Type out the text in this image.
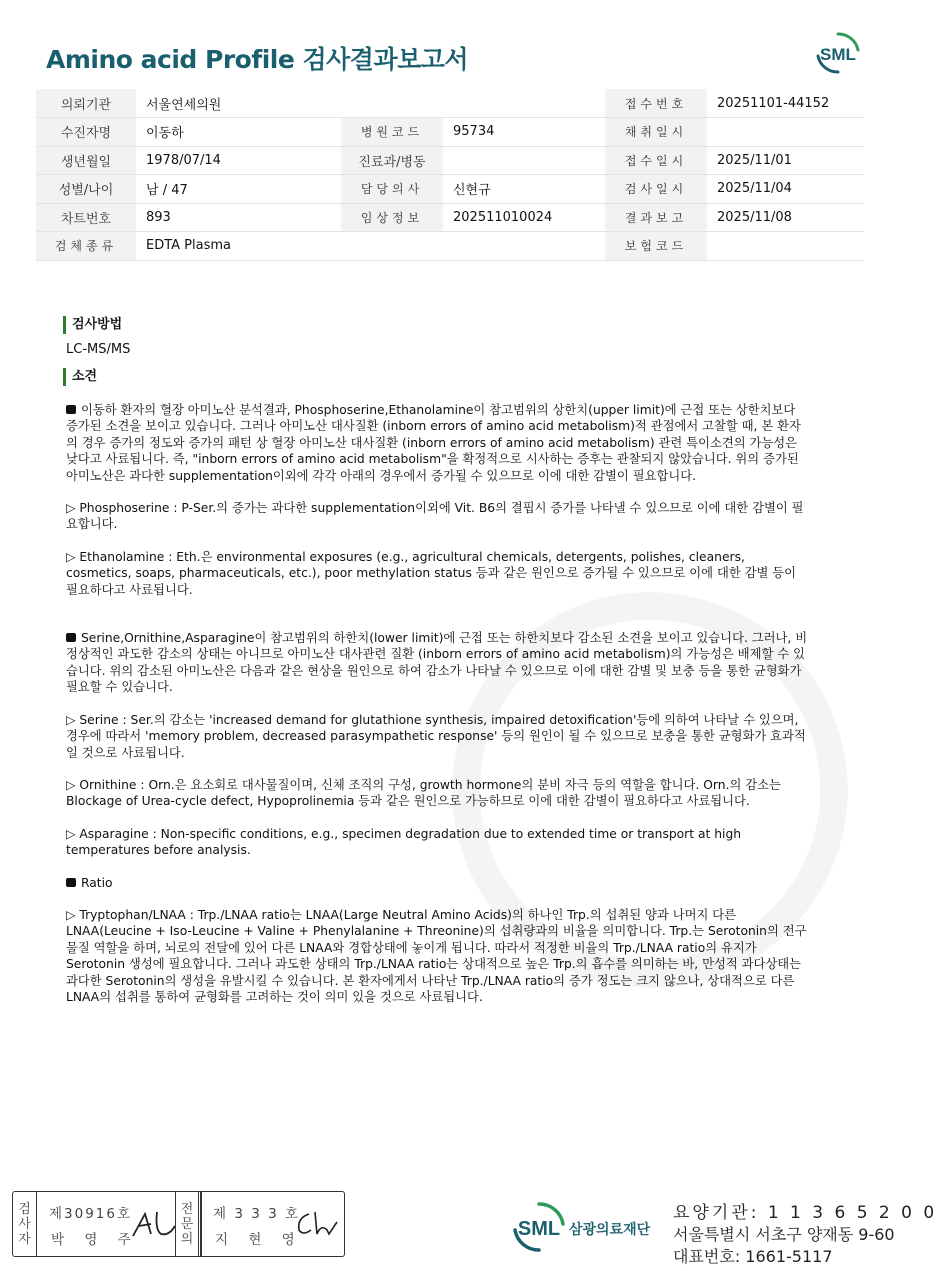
Amino acid Profile 검사결과보고서	SML
의뢰기관	서울연세의원			접수번호	20251101-44152
수진자명	이동하	병원코드	95734	채취일시	
생년월일	1978/07/14	진료과/병동		접수일시	2025/11/01
성별/나이	남 / 47	담당의사	신현규	검사일시	2025/11/04
차트번호	893	임상정보	202511010024	결과보고	2025/11/08
검체종류	EDTA Plasma			보험코드	
검사방법
LC-MS/MS
소견

이동하 환자의 혈장 아미노산 분석결과, Phosphoserine,Ethanolamine이 참고범위의 상한치(upper limit)에 근접 또는 상한치보다 증가된 소견을 보이고 있습니다. 그러나 아미노산 대사질환 (inborn errors of amino acid metabolism)적 관점에서 고찰할 때, 본 환자의 경우 증가의 정도와 증가의 패턴 상 혈장 아미노산 대사질환 (inborn errors of amino acid metabolism) 관련 특이소견의 가능성은 낮다고 사료됩니다. 즉, "inborn errors of amino acid metabolism"을 확정적으로 시사하는 증후는 관찰되지 않았습니다. 위의 증가된 아미노산은 과다한 supplementation이외에 각각 아래의 경우에서 증가될 수 있으므로 이에 대한 감별이 필요합니다.

▷ Phosphoserine : P-Ser.의 증가는 과다한 supplementation이외에 Vit. B6의 결핍시 증가를 나타낼 수 있으므로 이에 대한 감별이 필요합니다.

▷ Ethanolamine : Eth.은 environmental exposures (e.g., agricultural chemicals, detergents, polishes, cleaners, cosmetics, soaps, pharmaceuticals, etc.), poor methylation status 등과 같은 원인으로 증가될 수 있으므로 이에 대한 감별 등이 필요하다고 사료됩니다.

Serine,Ornithine,Asparagine이 참고범위의 하한치(lower limit)에 근접 또는 하한치보다 감소된 소견을 보이고 있습니다. 그러나, 비정상적인 과도한 감소의 상태는 아니므로 아미노산 대사관련 질환 (inborn errors of amino acid metabolism)의 가능성은 배제할 수 있습니다. 위의 감소된 아미노산은 다음과 같은 현상을 원인으로 하여 감소가 나타날 수 있으므로 이에 대한 감별 및 보충 등을 통한 균형화가 필요할 수 있습니다.

▷ Serine : Ser.의 감소는 'increased demand for glutathione synthesis, impaired detoxification'등에 의하여 나타날 수 있으며, 경우에 따라서 'memory problem, decreased parasympathetic response' 등의 원인이 될 수 있으므로 보충을 통한 균형화가 효과적일 것으로 사료됩니다.

▷ Ornithine : Orn.은 요소회로 대사물질이며, 신체 조직의 구성, growth hormone의 분비 자극 등의 역할을 합니다. Orn.의 감소는 Blockage of Urea-cycle defect, Hypoprolinemia 등과 같은 원인으로 가능하므로 이에 대한 감별이 필요하다고 사료됩니다.

▷ Asparagine : Non-specific conditions, e.g., specimen degradation due to extended time or transport at high temperatures before analysis.

Ratio

▷ Tryptophan/LNAA : Trp./LNAA ratio는 LNAA(Large Neutral Amino Acids)의 하나인 Trp.의 섭취된 양과 나머지 다른 LNAA(Leucine + Iso-Leucine + Valine + Phenylalanine + Threonine)의 섭취량과의 비율을 의미합니다. Trp.는 Serotonin의 전구물질 역할을 하며, 뇌로의 전달에 있어 다른 LNAA와 경합상태에 놓이게 됩니다. 따라서 적정한 비율의 Trp./LNAA ratio의 유지가 Serotonin 생성에 필요합니다. 그러나 과도한 상태의 Trp./LNAA ratio는 상대적으로 높은 Trp.의 흡수를 의미하는 바, 만성적 과다상태는 과다한 Serotonin의 생성을 유발시킬 수 있습니다. 본 환자에게서 나타난 Trp./LNAA ratio의 증가 정도는 크지 않으나, 상대적으로 다른 LNAA의 섭취를 통하여 균형화를 고려하는 것이 의미 있을 것으로 사료됩니다.

검
사
자
제30916호
박 영 주
전
문
의
제 3 3 3 호
지 현 영	SML 삼광의료재단
요양기관: 1 1 3 6 5 2 0 0
서울특별시 서초구 양재동 9-60
대표번호: 1661-5117
